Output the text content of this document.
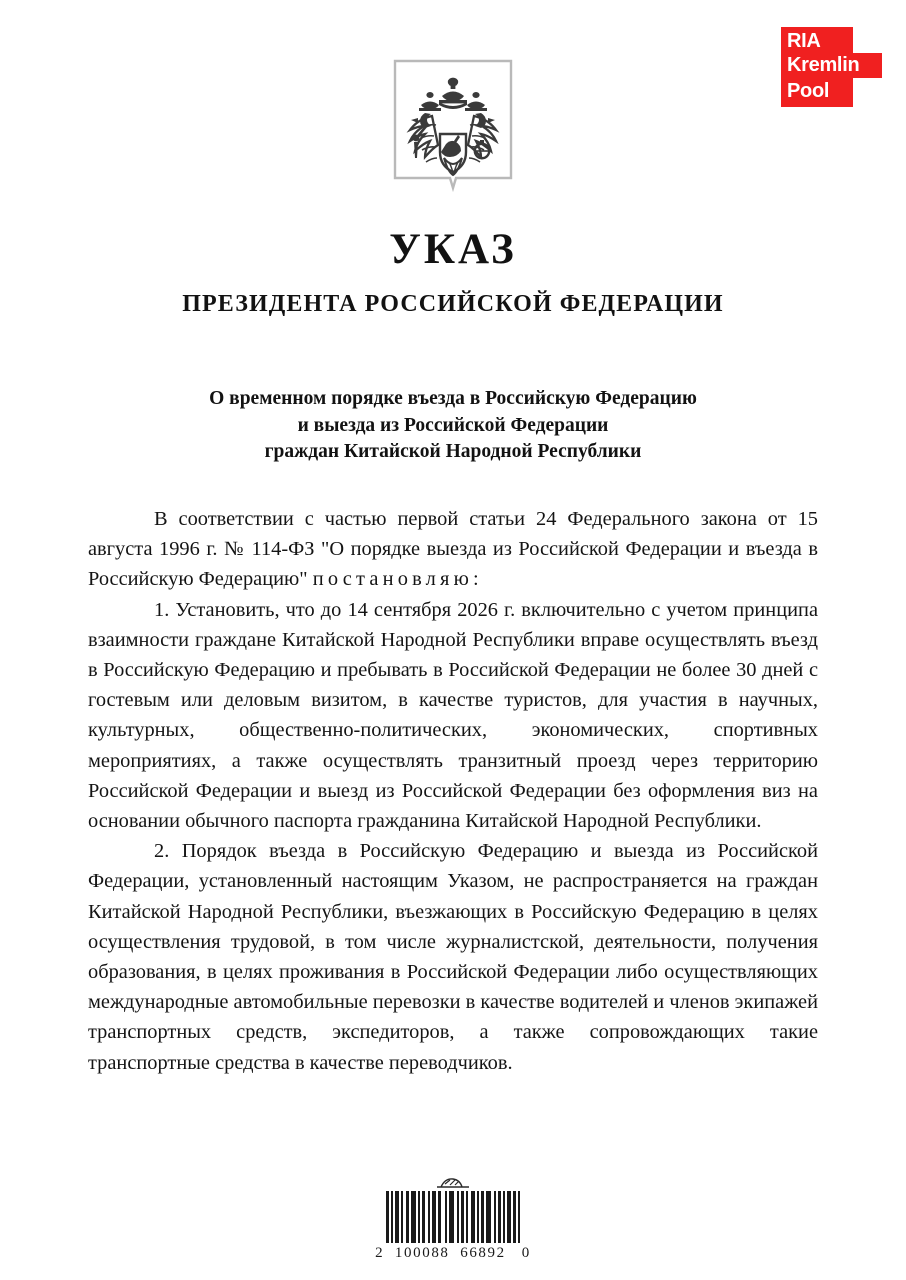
RIA
Kremlin
Pool
УКАЗ
ПРЕЗИДЕНТА РОССИЙСКОЙ ФЕДЕРАЦИИ
О временном порядке въезда в Российскую Федерацию
и выезда из Российской Федерации
граждан Китайской Народной Республики

В соответствии с частью первой статьи 24 Федерального закона от 15 августа 1996 г. № 114-ФЗ "О порядке выезда из Российской Федерации и въезда в Российскую Федерацию" постановляю:

1. Установить, что до 14 сентября 2026 г. включительно с учетом принципа взаимности граждане Китайской Народной Республики вправе осуществлять въезд в Российскую Федерацию и пребывать в Российской Федерации не более 30 дней с гостевым или деловым визитом, в качестве туристов, для участия в научных, культурных, общественно-политических, экономических, спортивных мероприятиях, а также осуществлять транзитный проезд через территорию Российской Федерации и выезд из Российской Федерации без оформления виз на основании обычного паспорта гражданина Китайской Народной Республики.

2. Порядок въезда в Российскую Федерацию и выезда из Российской Федерации, установленный настоящим Указом, не распространяется на граждан Китайской Народной Республики, въезжающих в Российскую Федерацию в целях осуществления трудовой, в том числе журналистской, деятельности, получения образования, в целях проживания в Российской Федерации либо осуществляющих международные автомобильные перевозки в качестве водителей и членов экипажей транспортных средств, экспедиторов, а также сопровождающих такие транспортные средства в качестве переводчиков.

2  100088  66892   0
